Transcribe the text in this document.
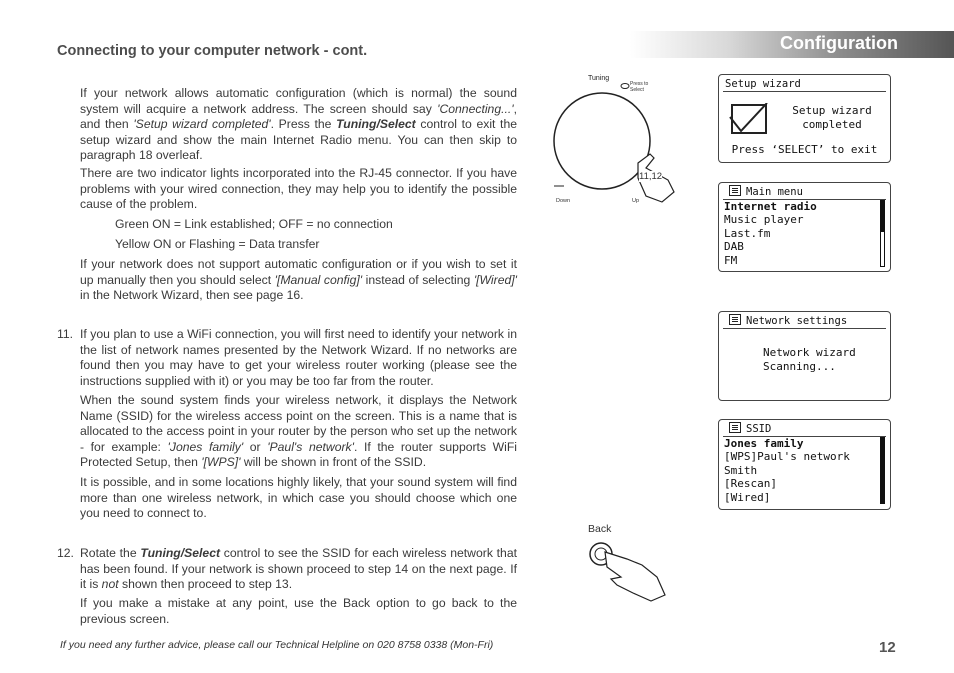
Connecting to your computer network - cont.	Configuration
If your network allows automatic configuration (which is normal) the sound system will acquire a network address. The screen should say 'Connecting...', and then 'Setup wizard completed'. Press the Tuning/Select control to exit the setup wizard and show the main Internet Radio menu. You can then skip to paragraph 18 overleaf.
There are two indicator lights incorporated into the RJ-45 connector. If you have problems with your wired connection, they may help you to identify the possible cause of the problem.
Green ON = Link established; OFF = no connection
Yellow ON or Flashing = Data transfer
If your network does not support automatic configuration or if you wish to set it up manually then you should select '[Manual config]' instead of selecting '[Wired]' in the Network Wizard, then see page 16.
11. If you plan to use a WiFi connection, you will first need to identify your network in the list of network names presented by the Network Wizard. If no networks are found then you may have to get your wireless router working (please see the instructions supplied with it) or you may be too far from the router.
When the sound system finds your wireless network, it displays the Network Name (SSID) for the wireless access point on the screen. This is a name that is allocated to the access point in your router by the person who set up the network - for example: 'Jones family' or 'Paul's network'. If the router supports WiFi Protected Setup, then '[WPS]' will be shown in front of the SSID.
It is possible, and in some locations highly likely, that your sound system will find more than one wireless network, in which case you should choose which one you need to connect to.
12. Rotate the Tuning/Select control to see the SSID for each wireless network that has been found. If your network is shown proceed to step 14 on the next page. If it is not shown then proceed to step 13.
If you make a mistake at any point, use the Back option to go back to the previous screen.
Tuning
Press to
Select
Down	Up
11,12
Back
Setup wizard
Setup wizard
completed
Press ‘SELECT’ to exit
Main menu
Internet radio
Music player
Last.fm
DAB
FM
Network settings
Network wizard
Scanning...
SSID
Jones family
[WPS]Paul's network
Smith
[Rescan]
[Wired]
If you need any further advice, please call our Technical Helpline on 020 8758 0338 (Mon-Fri)	12
